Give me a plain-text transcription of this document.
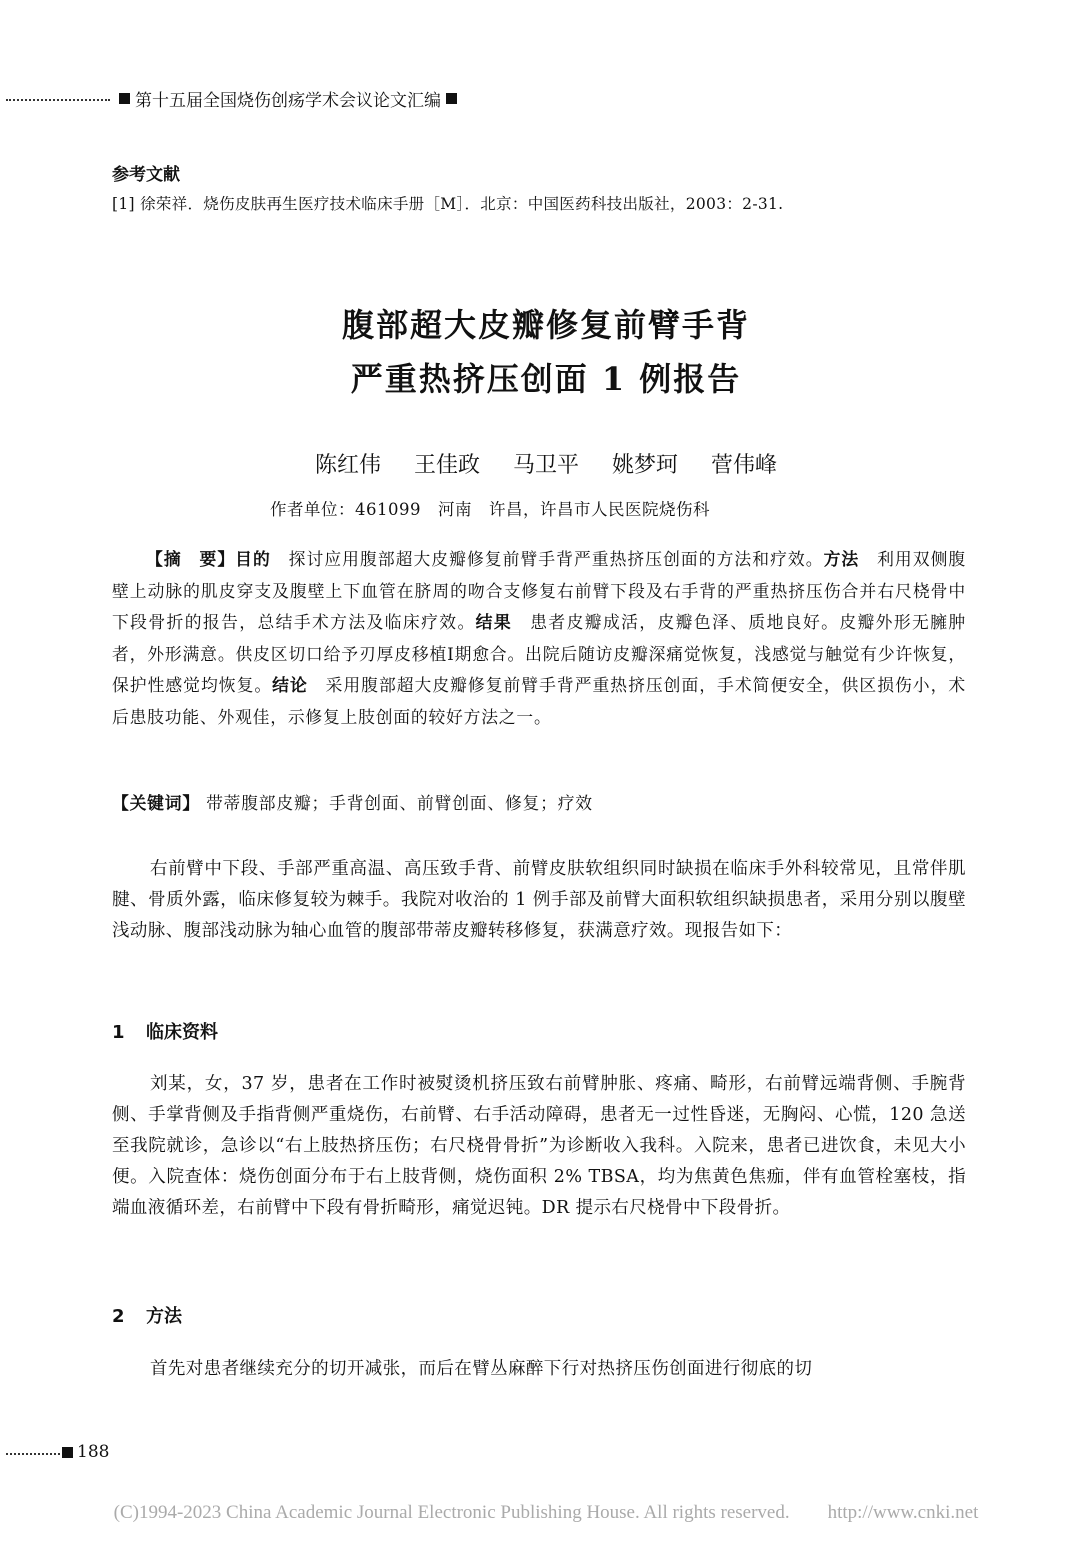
第十五届全国烧伤创疡学术会议论文汇编
参考文献
[1] 徐荣祥．烧伤皮肤再生医疗技术临床手册［M］．北京：中国医药科技出版社，2003：2-31.
腹部超大皮瓣修复前臂手背
严重热挤压创面 1 例报告
陈红伟 王佳政 马卫平 姚梦珂 菅伟峰
作者单位：461099　河南　许昌，许昌市人民医院烧伤科
【摘　要】目的　 探讨应用腹部超大皮瓣修复前臂手背严重热挤压创面的方法和疗效。方法　 利用双侧腹壁上动脉的肌皮穿支及腹壁上下血管在脐周的吻合支修复右前臂下段及右手背的严重热挤压伤合并右尺桡骨中下段骨折的报告，总结手术方法及临床疗效。结果　 患者皮瓣成活，皮瓣色泽、质地良好。皮瓣外形无臃肿者，外形满意。供皮区切口给予刃厚皮移植Ⅰ期愈合。出院后随访皮瓣深痛觉恢复，浅感觉与触觉有少许恢复，保护性感觉均恢复。结论　 采用腹部超大皮瓣修复前臂手背严重热挤压创面，手术简便安全，供区损伤小，术后患肢功能、外观佳，示修复上肢创面的较好方法之一。
【关键词】 带蒂腹部皮瓣；手背创面、前臂创面、修复；疗效
右前臂中下段、手部严重高温、高压致手背、前臂皮肤软组织同时缺损在临床手外科较常见，且常伴肌腱、骨质外露，临床修复较为棘手。我院对收治的 1 例手部及前臂大面积软组织缺损患者，采用分别以腹壁浅动脉、腹部浅动脉为轴心血管的腹部带蒂皮瓣转移修复，获满意疗效。现报告如下：
1 临床资料
刘某，女，37 岁，患者在工作时被熨烫机挤压致右前臂肿胀、疼痛、畸形，右前臂远端背侧、手腕背侧、手掌背侧及手指背侧严重烧伤，右前臂、右手活动障碍，患者无一过性昏迷，无胸闷、心慌，120 急送至我院就诊，急诊以“右上肢热挤压伤；右尺桡骨骨折”为诊断收入我科。入院来，患者已进饮食，未见大小便。入院查体：烧伤创面分布于右上肢背侧，烧伤面积 2% TBSA，均为焦黄色焦痂，伴有血管栓塞枝，指端血液循环差，右前臂中下段有骨折畸形，痛觉迟钝。DR 提示右尺桡骨中下段骨折。
2 方法
首先对患者继续充分的切开减张，而后在臂丛麻醉下行对热挤压伤创面进行彻底的切
188
(C)1994-2023 China Academic Journal Electronic Publishing House. All rights reserved.　　http://www.cnki.net
